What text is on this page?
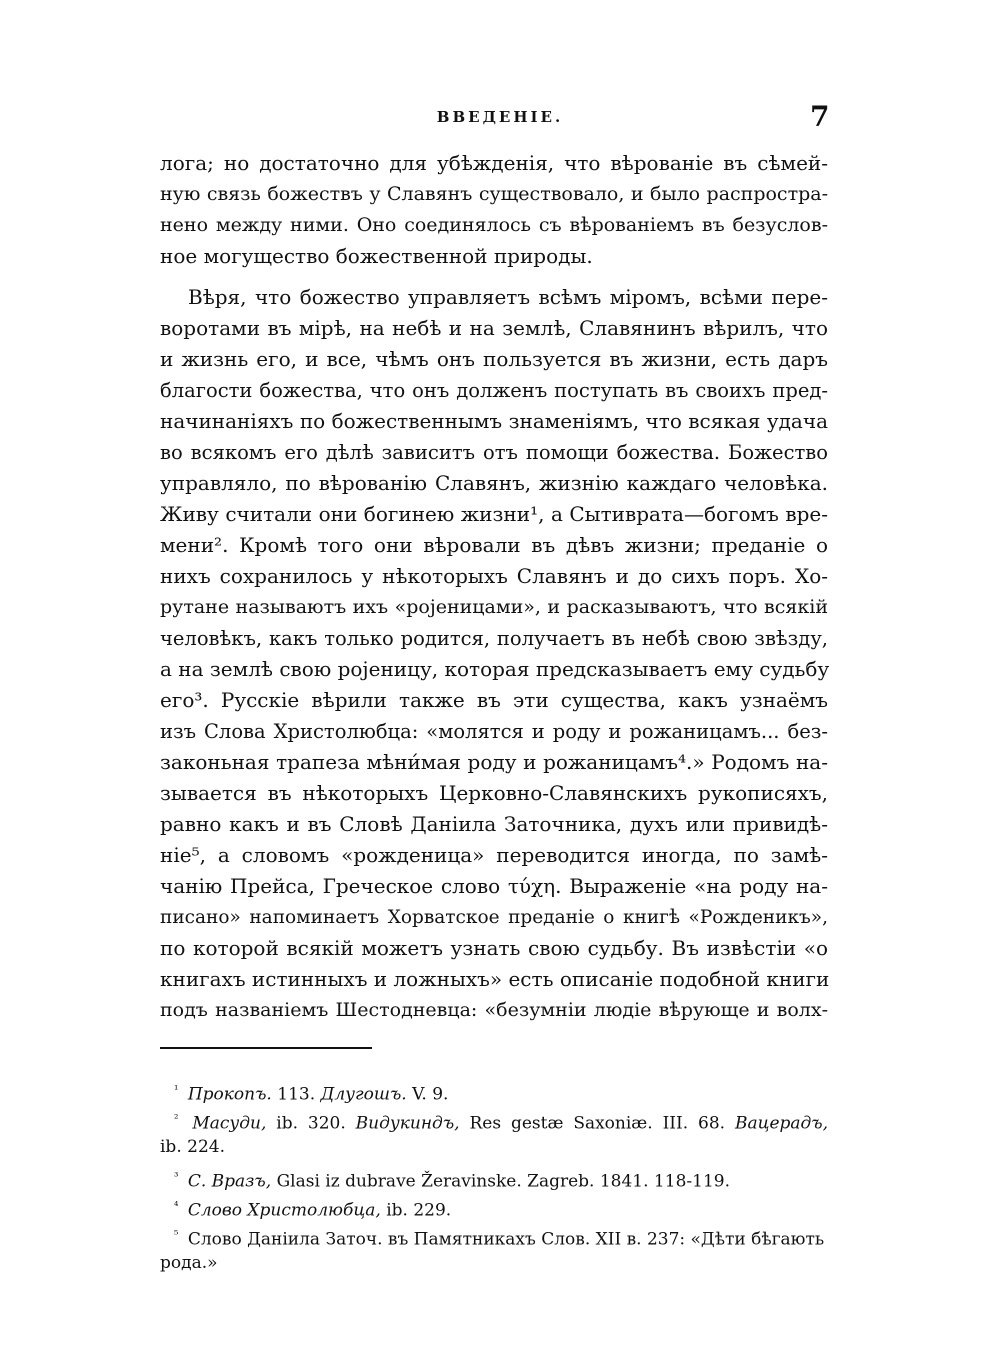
ВВЕДЕНІЕ.	7
лога; но достаточно для убѣжденія, что вѣрованіе въ сѣмей-
ную связь божествъ у Славянъ существовало, и было распростра-
нено между ними. Оно соединялось съ вѣрованіемъ въ безуслов-
ное могущество божественной природы.
Вѣря, что божество управляетъ всѣмъ міромъ, всѣми пере-
воротами въ мірѣ, на небѣ и на землѣ, Славянинъ вѣрилъ, что
и жизнь его, и все, чѣмъ онъ пользуется въ жизни, есть даръ
благости божества, что онъ долженъ поступать въ своихъ пред-
начинаніяхъ по божественнымъ знаменіямъ, что всякая удача
во всякомъ его дѣлѣ зависитъ отъ помощи божества. Божество
управляло, по вѣрованію Славянъ, жизнію каждаго человѣка.
Живу считали они богинею жизни¹, а Сытиврата—богомъ вре-
мени². Кромѣ того они вѣровали въ дѣвъ жизни; преданіе о
нихъ сохранилось у нѣкоторыхъ Славянъ и до сихъ поръ. Хо-
рутане называютъ ихъ «роjеницами», и расказываютъ, что всякій
человѣкъ, какъ только родится, получаетъ въ небѣ свою звѣзду,
а на землѣ свою роjеницу, которая предсказываетъ ему судьбу
его³. Русскіе вѣрили также въ эти существа, какъ узнаёмъ
изъ Слова Христолюбца: «молятся и роду и рожаницамъ... без-
законьная трапеза мѣни́мая роду и рожаницамъ⁴.» Родомъ на-
зывается въ нѣкоторыхъ Церковно-Славянскихъ рукописяхъ,
равно какъ и въ Словѣ Даніила Заточника, духъ или привидѣ-
ніе⁵, а словомъ «рожденица» переводится иногда, по замѣ-
чанію Прейса, Греческое слово τύχη. Выраженіе «на роду на-
писано» напоминаетъ Хорватское преданіе о книгѣ «Рожденикъ»,
по которой всякій можетъ узнать свою судьбу. Въ извѣстіи «о
книгахъ истинныхъ и ложныхъ» есть описаніе подобной книги
подъ названіемъ Шестодневца: «безумніи людіе вѣрующе и волх-
$^{^1}$ Прокопъ. 113. Длугошъ. V. 9.
$^{^2}$ Масуди, ib. 320. Видукиндъ, Res gestæ Saxoniæ. III. 68. Вацерадъ,
ib. 224.
$^{^3}$ С. Вразъ, Glasi iz dubrave Žeravinske. Zagreb. 1841. 118-119.
$^{^4}$ Слово Христолюбца, ib. 229.
$^{^5}$ Слово Даніила Заточ. въ Памятникахъ Слов. XII в. 237: «Дѣти бѣгають
рода.»
